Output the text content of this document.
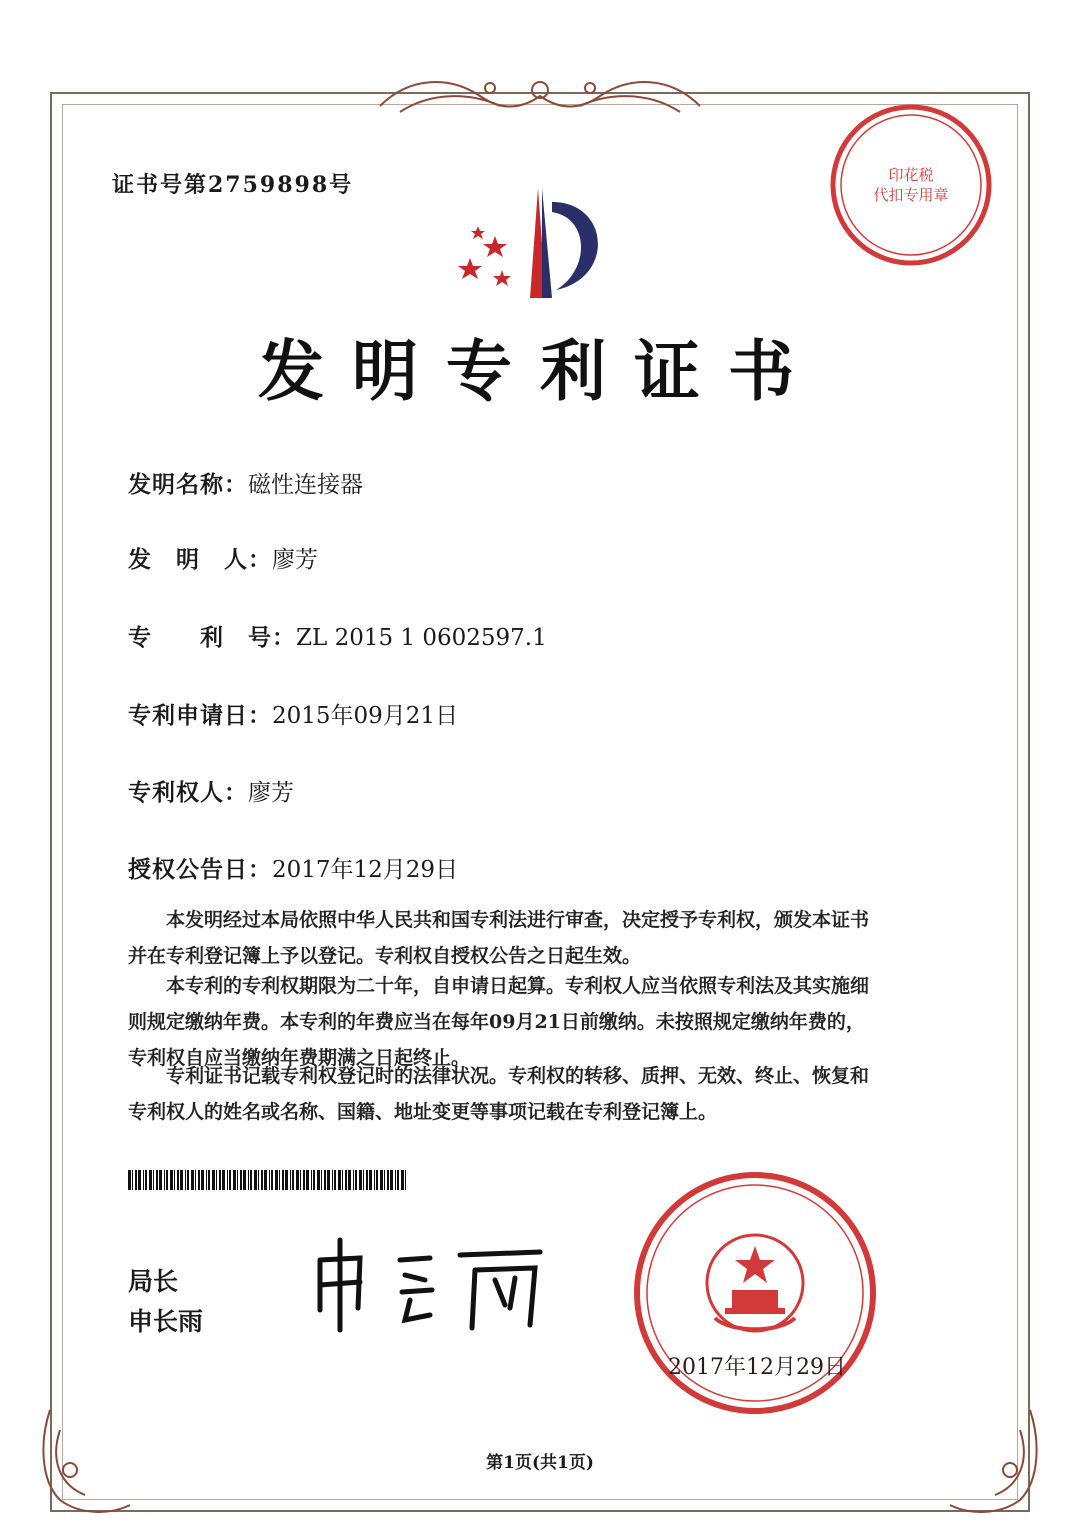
证书号第2759898号	印花税
代扣专用章
发明专利证书
发明名称：磁性连接器
发　明　人：廖芳
专　　利　号：ZL 2015 1 0602597.1
专利申请日：2015年09月21日
专利权人：廖芳
授权公告日：2017年12月29日
本发明经过本局依照中华人民共和国专利法进行审查，决定授予专利权，颁发本证书
并在专利登记簿上予以登记。专利权自授权公告之日起生效。
本专利的专利权期限为二十年，自申请日起算。专利权人应当依照专利法及其实施细
则规定缴纳年费。本专利的年费应当在每年09月21日前缴纳。未按照规定缴纳年费的，
专利权自应当缴纳年费期满之日起终止。
专利证书记载专利权登记时的法律状况。专利权的转移、质押、无效、终止、恢复和
专利权人的姓名或名称、国籍、地址变更等事项记载在专利登记簿上。
局长
申长雨
2017年12月29日
第1页(共1页)
